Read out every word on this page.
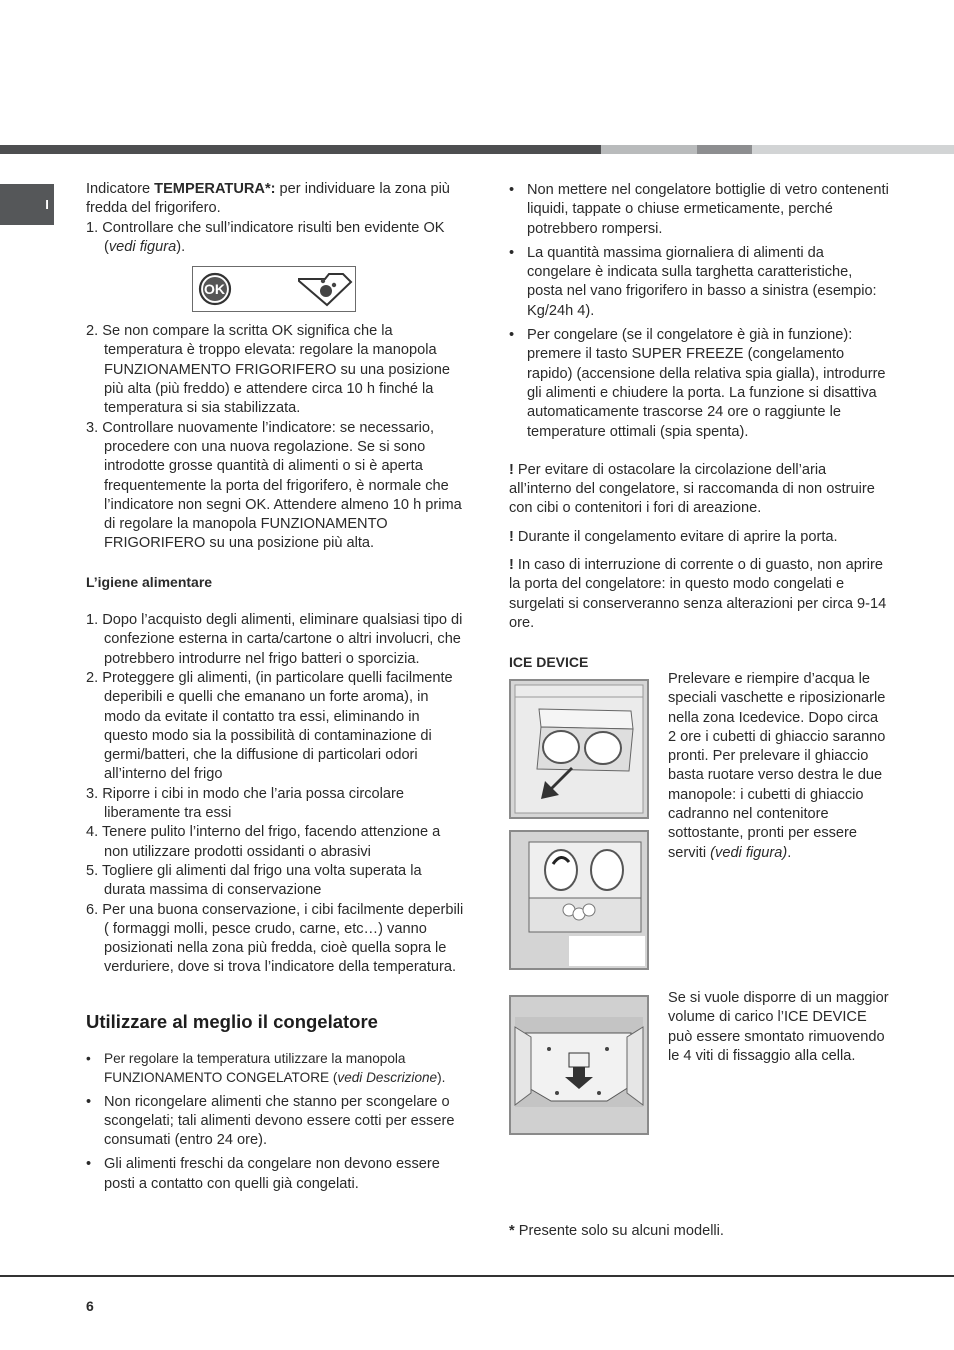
I

Indicatore TEMPERATURA*: per individuare la zona più fredda del frigorifero.

1. Controllare che sull’indicatore risulti ben evidente OK (vedi figura).

OK

2. Se non compare la scritta OK significa che la temperatura è troppo elevata: regolare la manopola FUNZIONAMENTO FRIGORIFERO su una posizione più alta (più freddo) e attendere circa 10 h finché la temperatura si sia stabilizzata.

3. Controllare nuovamente l’indicatore: se necessario, procedere con una nuova regolazione. Se si sono introdotte grosse quantità di alimenti o si è aperta frequentemente la porta del frigorifero, è normale che l’indicatore non segni OK. Attendere almeno 10 h prima di regolare la manopola FUNZIONAMENTO FRIGORIFERO su una posizione più alta.

L’igiene alimentare

1. Dopo l’acquisto degli alimenti, eliminare qualsiasi tipo di confezione esterna in carta/cartone o altri involucri, che potrebbero introdurre nel frigo batteri o sporcizia.

2. Proteggere gli alimenti, (in particolare quelli facilmente deperibili e quelli che emanano un forte aroma), in modo da evitate il contatto tra essi, eliminando in questo modo sia la possibilità di contaminazione di germi/batteri, che la diffusione di particolari odori all’interno del frigo

3. Riporre i cibi in modo che l’aria possa circolare liberamente tra essi

4. Tenere pulito l’interno del frigo, facendo attenzione a non utilizzare prodotti ossidanti o abrasivi

5. Togliere gli alimenti dal frigo una volta superata la durata massima di conservazione

6. Per una buona conservazione, i cibi facilmente deperbili ( formaggi molli, pesce crudo, carne, etc…) vanno posizionati nella zona più fredda, cioè quella sopra le verduriere, dove si trova l’indicatore della temperatura.

Utilizzare al meglio il congelatore

• Per regolare la temperatura utilizzare la manopola FUNZIONAMENTO CONGELATORE (vedi Descrizione).

• Non ricongelare alimenti che stanno per scongelare o scongelati; tali alimenti devono essere cotti per essere consumati (entro 24 ore).

• Gli alimenti freschi da congelare non devono essere posti a contatto con quelli già congelati.

• Non mettere nel congelatore bottiglie di vetro contenenti liquidi, tappate o chiuse ermeticamente, perché potrebbero rompersi.

• La quantità massima giornaliera di alimenti da congelare è indicata sulla targhetta caratteristiche, posta nel vano frigorifero in basso a sinistra (esempio: Kg/24h 4).

• Per congelare (se il congelatore è già in funzione): premere il tasto SUPER FREEZE (congelamento rapido) (accensione della relativa spia gialla), introdurre gli alimenti e chiudere la porta. La funzione si disattiva automaticamente trascorse 24 ore o raggiunte le temperature ottimali (spia spenta).

! Per evitare di ostacolare la circolazione dell’aria all’interno del congelatore, si raccomanda di non ostruire con cibi o contenitori i fori di areazione.

! Durante il congelamento evitare di aprire la porta.

! In caso di interruzione di corrente o di guasto, non aprire la porta del congelatore: in questo modo congelati e surgelati si conserveranno senza alterazioni per circa 9-14 ore.

ICE DEVICE

Prelevare e riempire d’acqua le speciali vaschette e riposizionarle nella zona Icedevice. Dopo circa 2 ore i cubetti di ghiaccio saranno pronti. Per prelevare il ghiaccio basta ruotare verso destra le due manopole: i cubetti di ghiaccio cadranno nel contenitore sottostante, pronti per essere serviti (vedi figura).

Se si vuole disporre di un maggior volume di carico l’ICE DEVICE può essere smontato rimuovendo le 4 viti di fissaggio alla cella.

* Presente solo su alcuni modelli.

6
